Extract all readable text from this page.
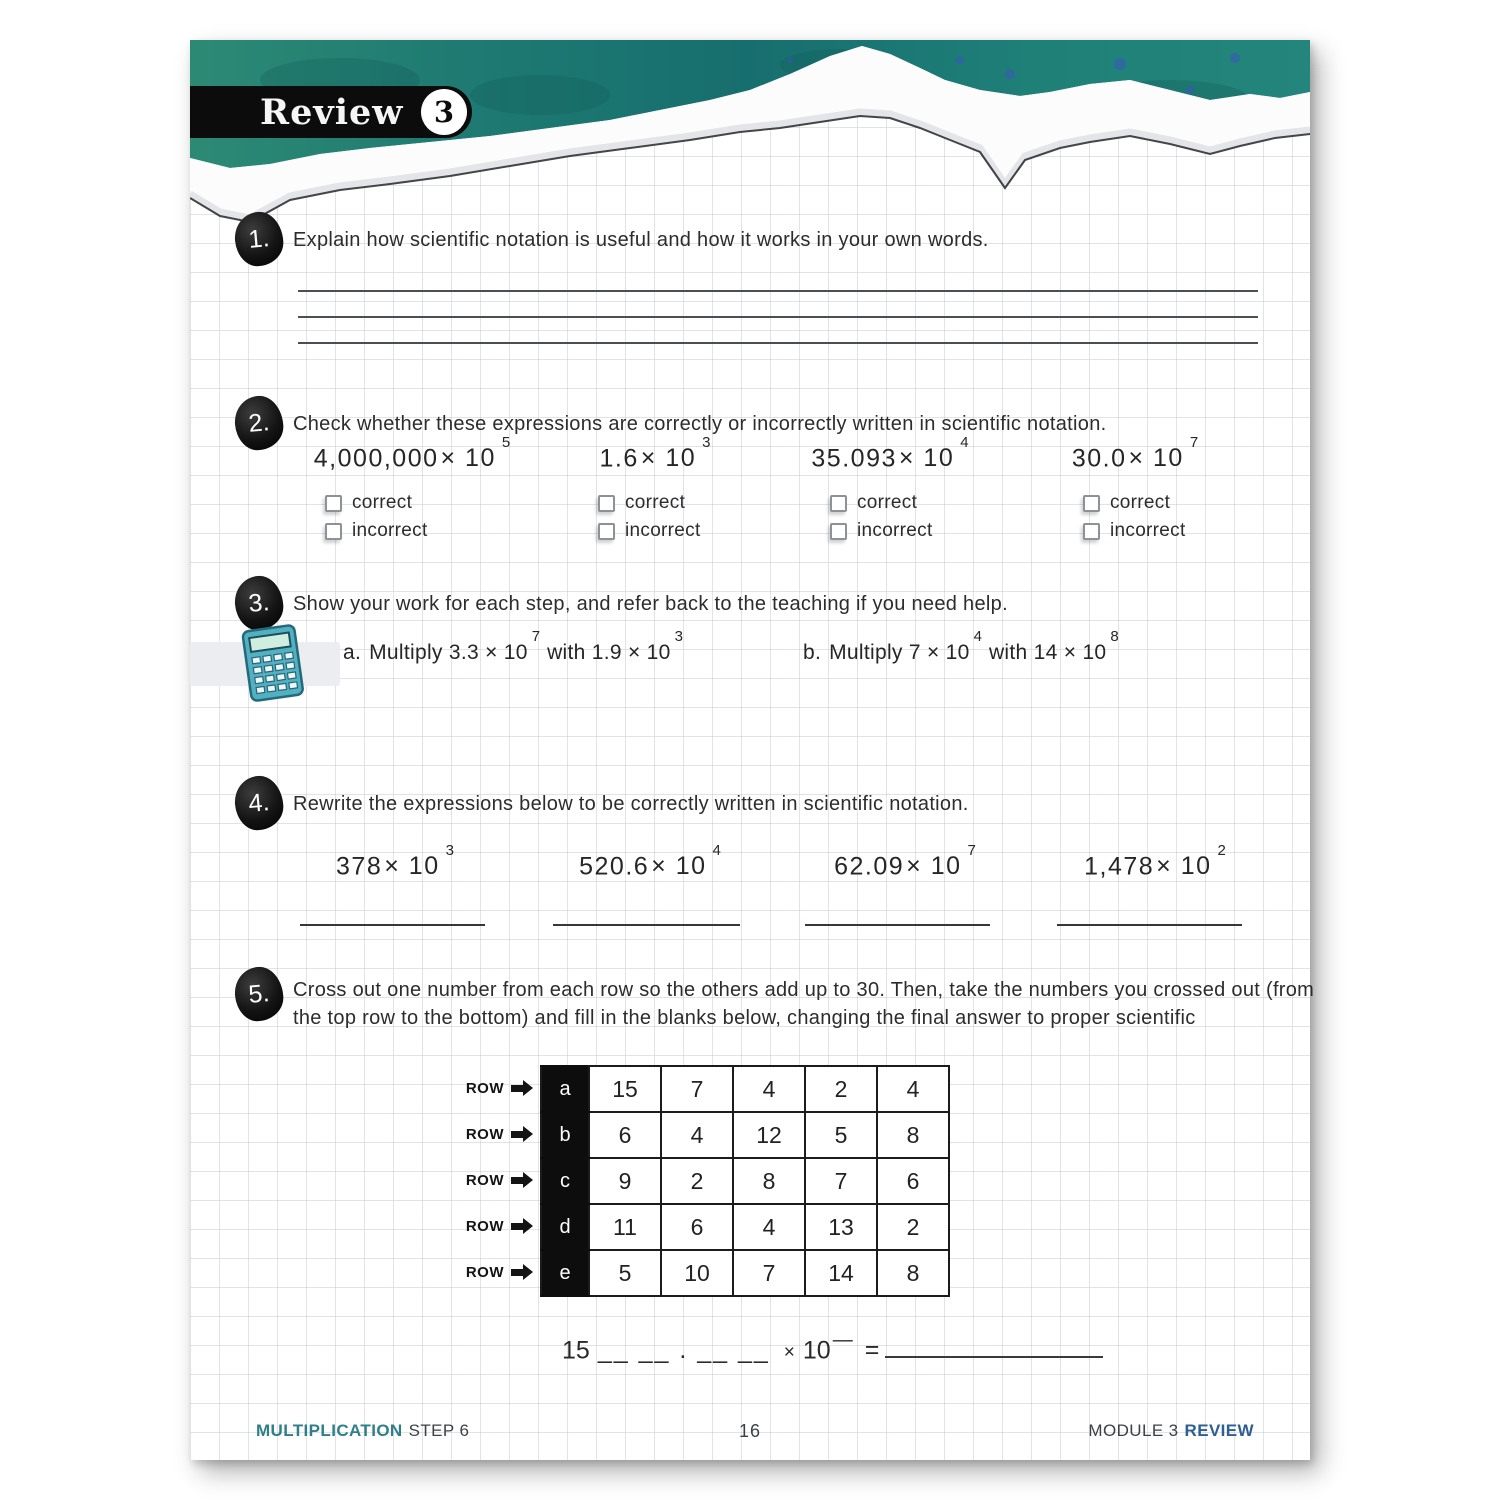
Review 3
1.	Explain how scientific notation is useful and how it works in your own words.
2.	Check whether these expressions are correctly or incorrectly written in scientific notation.
$4,000,000\times 10^5$
$1.6\times 10^3$
$35.093\times 10^4$
$30.0\times 10^7$
correct
incorrect
correct
incorrect
correct
incorrect
correct
incorrect
3.	Show your work for each step, and refer back to the teaching if you need help.
a. Multiply $3.3 \times 10^7with$ $1.9 \times 10^3$
b. Multiply $7 \times 10^4with$ $14 \times 10^8$
4.	Rewrite the expressions below to be correctly written in scientific notation.
$378\times 10^3$
$520.6\times 10^4$
$62.09\times 10^7$
$1,478\times 10^2$
5.	Cross out one number from each row so the others add up to 30. Then, take the numbers you crossed out (from the top row to the bottom) and fill in the blanks below, changing the final answer to proper scientific
ROW
ROW
ROW
ROW
ROW
a	15	7	4	2	4
b	6	4	12	5	8
c	9	2	8	7	6
d	11	6	4	13	2
e	5	10	7	14	8
15 __ __ . __ __ × 10 — =
MULTIPLICATION STEP 6	16	MODULE 3 REVIEW
